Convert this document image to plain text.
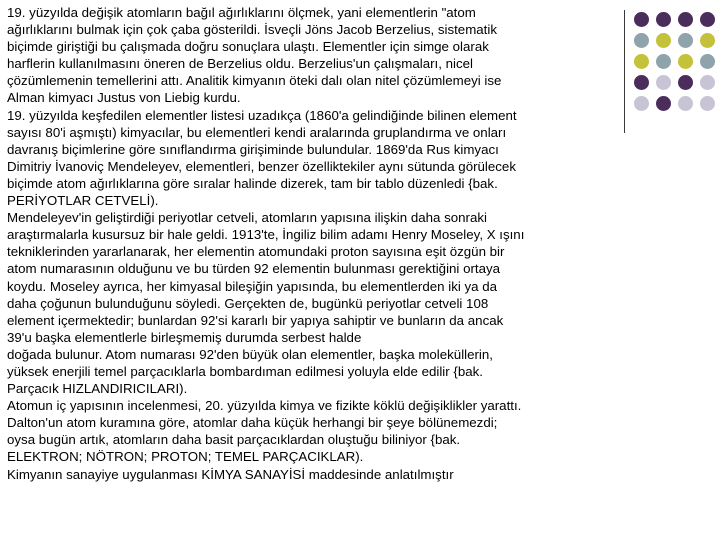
19. yüzyılda değişik atomların bağıl ağırlıklarını ölçmek, yani elementlerin "atom
ağırlıklarını bulmak için çok çaba gösterildi. İsveçli Jöns Jacob Berzelius, sistematik
biçimde giriştiği bu çalışmada doğru sonuçlara ulaştı. Elementler için simge olarak
harflerin kullanılmasını öneren de Berzelius oldu. Berzelius'un çalışmaları, nicel
çözümlemenin temellerini attı. Analitik kimyanın öteki dalı olan nitel çözümlemeyi ise
Alman kimyacı Justus von Liebig kurdu.
19. yüzyılda keşfedilen elementler listesi uzadıkça (1860'a gelindiğinde bilinen element
sayısı 80'i aşmıştı) kimyacılar, bu elementleri kendi aralarında gruplandırma ve onları
davranış biçimlerine göre sınıflandırma girişiminde bulundular. 1869'da Rus kimyacı
Dimitriy İvanoviç Mendeleyev, elementleri, benzer özelliktekiler aynı sütunda görülecek
biçimde atom ağırlıklarına göre sıralar halinde dizerek, tam bir tablo düzenledi {bak.
PERİYOTLAR CETVELİ).
Mendeleyev'in geliştirdiği periyotlar cetveli, atomların yapısına ilişkin daha sonraki
araştırmalarla kusursuz bir hale geldi. 1913'te, İngiliz bilim adamı Henry Moseley, X ışını
tekniklerinden yararlanarak, her elementin atomundaki proton sayısına eşit özgün bir
atom numarasının olduğunu ve bu türden 92 elementin bulunması gerektiğini ortaya
koydu. Moseley ayrıca, her kimyasal bileşiğin yapısında, bu elementlerden iki ya da
daha çoğunun bulunduğunu söyledi. Gerçekten de, bugünkü periyotlar cetveli 108
element içermektedir; bunlardan 92'si kararlı bir yapıya sahiptir ve bunların da ancak
39'u başka elementlerle birleşmemiş durumda serbest halde
doğada bulunur. Atom numarası 92'den büyük olan elementler, başka moleküllerin,
yüksek enerjili temel parçacıklarla bombardıman edilmesi yoluyla elde edilir {bak.
Parçacık HIZLANDIRICILARI).
Atomun iç yapısının incelenmesi, 20. yüzyılda kimya ve fizikte köklü değişiklikler yarattı.
Dalton'un atom kuramına göre, atomlar daha küçük herhangi bir şeye bölünemezdi;
oysa bugün artık, atomların daha basit parçacıklardan oluştuğu biliniyor {bak.
ELEKTRON; NÖTRON; PROTON; TEMEL PARÇACIKLAR).
Kimyanın sanayiye uygulanması KİMYA SANAYİSİ maddesinde anlatılmıştır
